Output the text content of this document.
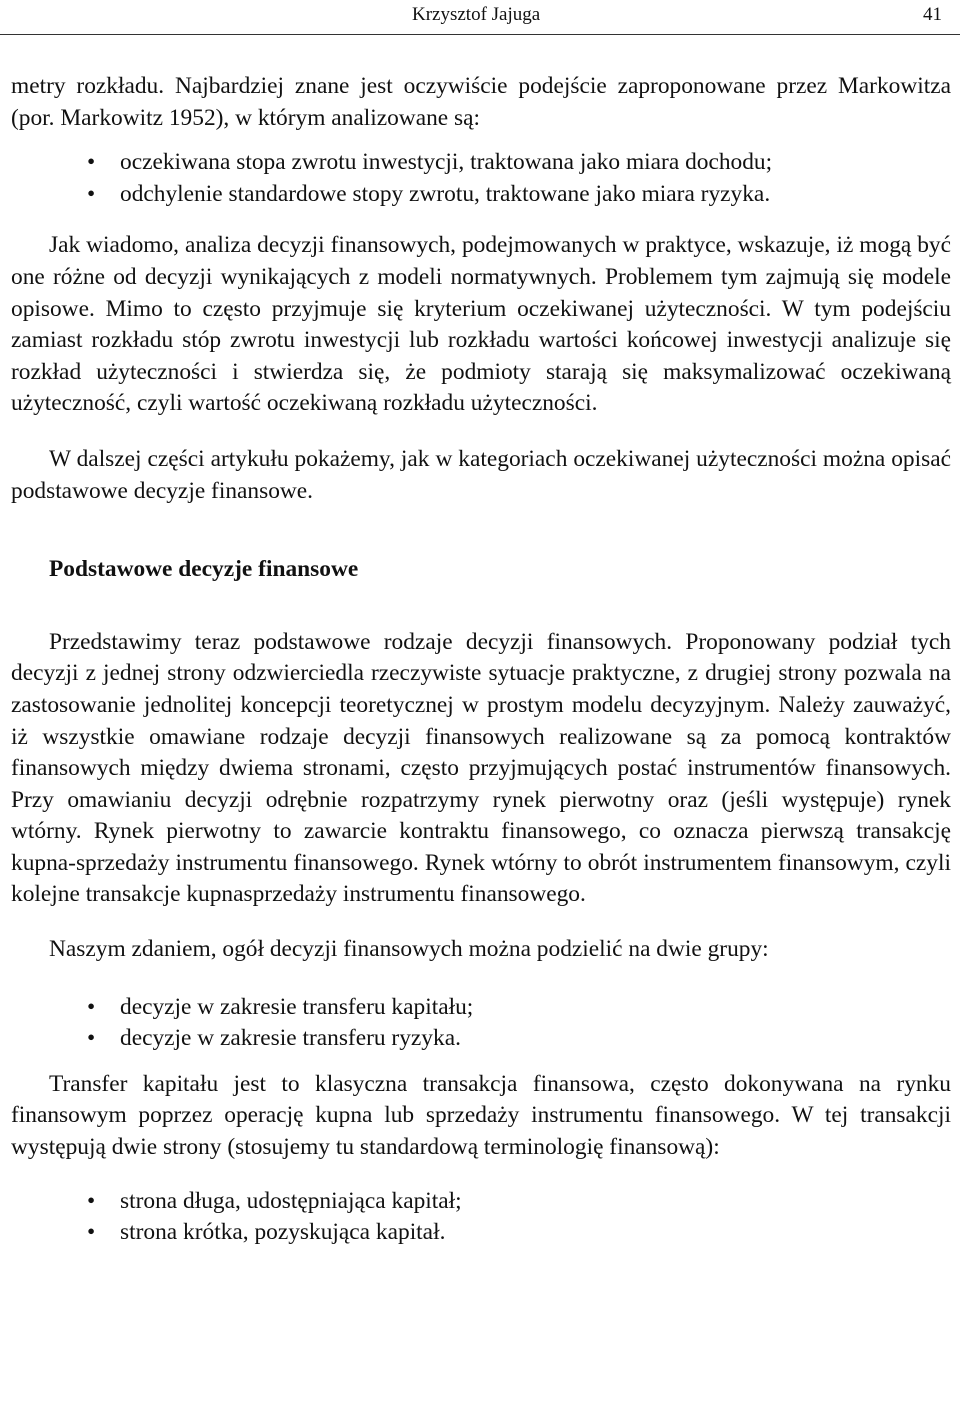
Krzysztof Jajuga	41

metry rozkładu. Najbardziej znane jest oczywiście podejście zaproponowane przez Markowitza (por. Markowitz 1952), w którym analizowane są:

• oczekiwana stopa zwrotu inwestycji, traktowana jako miara dochodu;
• odchylenie standardowe stopy zwrotu, traktowane jako miara ryzyka.

Jak wiadomo, analiza decyzji finansowych, podejmowanych w praktyce, wskazuje, iż mogą być one różne od decyzji wynikających z modeli normatywnych. Problemem tym zajmują się modele opisowe. Mimo to często przyjmuje się kryterium oczekiwanej użyteczności. W tym podejściu zamiast rozkładu stóp zwrotu inwestycji lub rozkładu wartości końcowej inwestycji analizuje się rozkład użyteczności i stwierdza się, że podmioty starają się maksymalizować oczekiwaną użyteczność, czyli wartość oczekiwaną rozkładu użyteczności.

W dalszej części artykułu pokażemy, jak w kategoriach oczekiwanej użyteczności można opisać podstawowe decyzje finansowe.

Podstawowe decyzje finansowe

Przedstawimy teraz podstawowe rodzaje decyzji finansowych. Proponowany podział tych decyzji z jednej strony odzwierciedla rzeczywiste sytuacje praktyczne, z drugiej strony pozwala na zastosowanie jednolitej koncepcji teoretycznej w prostym modelu decyzyjnym. Należy zauważyć, iż wszystkie omawiane rodzaje decyzji finansowych realizowane są za pomocą kontraktów finansowych między dwiema stronami, często przyjmujących postać instrumentów finansowych. Przy omawianiu decyzji odrębnie rozpatrzymy rynek pierwotny oraz (jeśli występuje) rynek wtórny. Rynek pierwotny to zawarcie kontraktu finansowego, co oznacza pierwszą transakcję kupna-sprzedaży instrumentu finansowego. Rynek wtórny to obrót instrumentem finansowym, czyli kolejne transakcje kupnasprzedaży instrumentu finansowego.

Naszym zdaniem, ogół decyzji finansowych można podzielić na dwie grupy:

• decyzje w zakresie transferu kapitału;
• decyzje w zakresie transferu ryzyka.

Transfer kapitału jest to klasyczna transakcja finansowa, często dokonywana na rynku finansowym poprzez operację kupna lub sprzedaży instrumentu finansowego. W tej transakcji występują dwie strony (stosujemy tu standardową terminologię finansową):

• strona długa, udostępniająca kapitał;
• strona krótka, pozyskująca kapitał.
